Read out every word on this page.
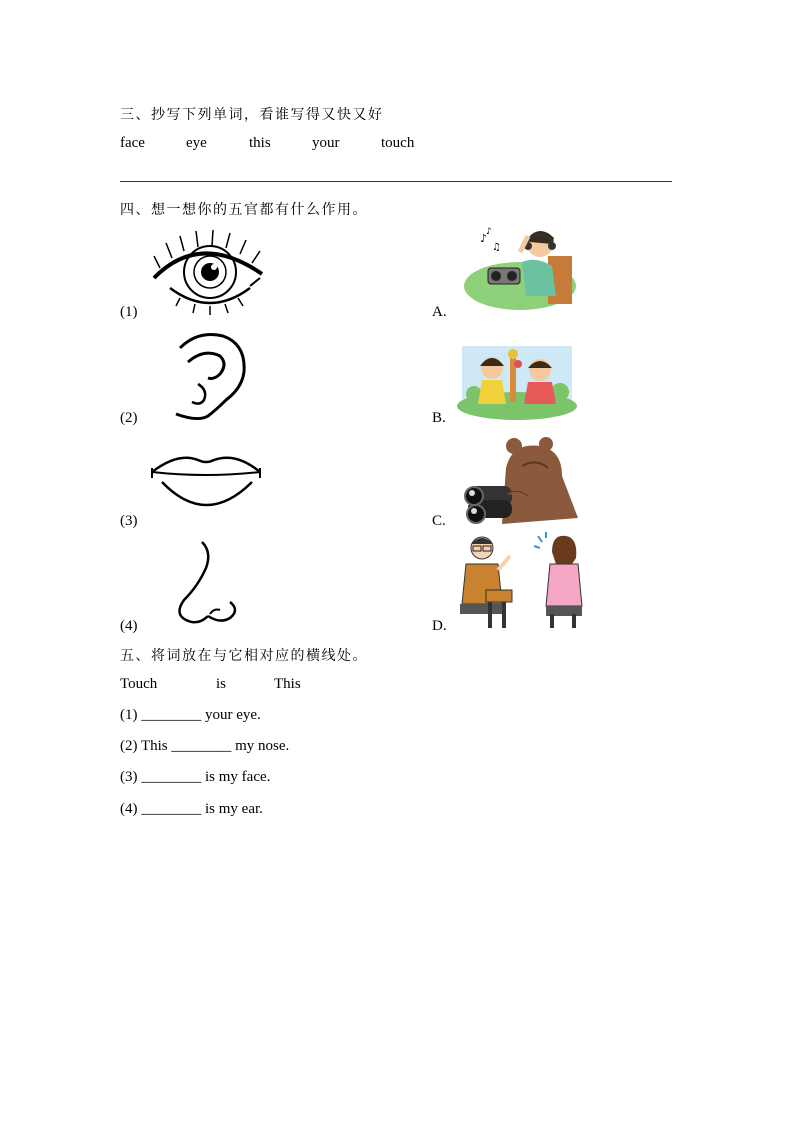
三、抄写下列单词，看谁写得又快又好
face	eye	this	your	touch
四、想一想你的五官都有什么作用。
(1)
(2)
(3)
(4)
♪
♫
♪
A.
B.
C.
D.
五、将词放在与它相对应的横线处。
Touch	is	This
(1) ________ your eye.
(2) This ________ my nose.
(3) ________ is my face.
(4) ________ is my ear.
